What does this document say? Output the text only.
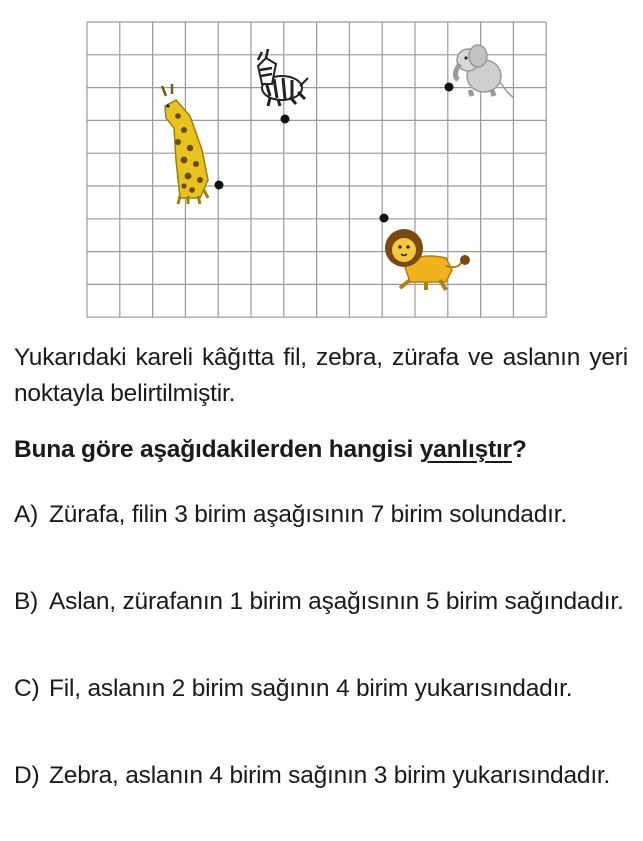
Yukarıdaki kareli kâğıtta fil, zebra, zürafa ve aslanın yeri noktayla belirtilmiştir.

Buna göre aşağıdakilerden hangisi yanlıştır?

A) Zürafa, filin 3 birim aşağısının 7 birim solundadır.
B) Aslan, zürafanın 1 birim aşağısının 5 birim sağındadır.
C) Fil, aslanın 2 birim sağının 4 birim yukarısındadır.
D) Zebra, aslanın 4 birim sağının 3 birim yukarısındadır.
